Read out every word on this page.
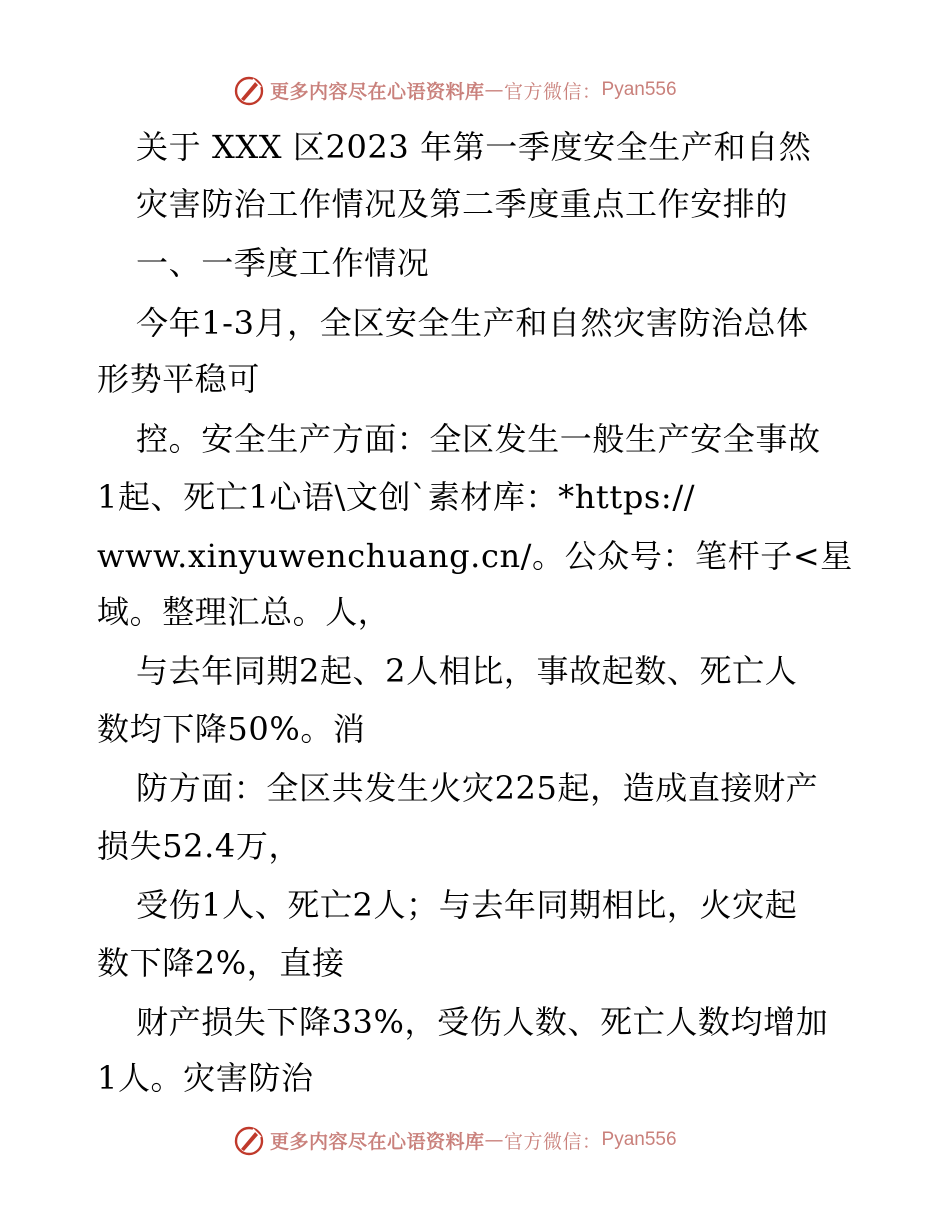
更多内容尽在心语资料库 — 官方微信： Pyan556

关于 XXX 区2023 年第一季度安全生产和自然

灾害防治工作情况及第二季度重点工作安排的

一、一季度工作情况

今年1-3月，全区安全生产和自然灾害防治总体

形势平稳可

控。安全生产方面：全区发生一般生产安全事故

1起、死亡1心语\文创`素材库：*https://

www.xinyuwenchuang.cn/。公众号：笔杆子<星

域。整理汇总。人，

与去年同期2起、2人相比，事故起数、死亡人

数均下降50%。消

防方面：全区共发生火灾225起，造成直接财产

损失52.4万，

受伤1人、死亡2人；与去年同期相比，火灾起

数下降2%，直接

财产损失下降33%，受伤人数、死亡人数均增加

1人。灾害防治

更多内容尽在心语资料库 — 官方微信： Pyan556
